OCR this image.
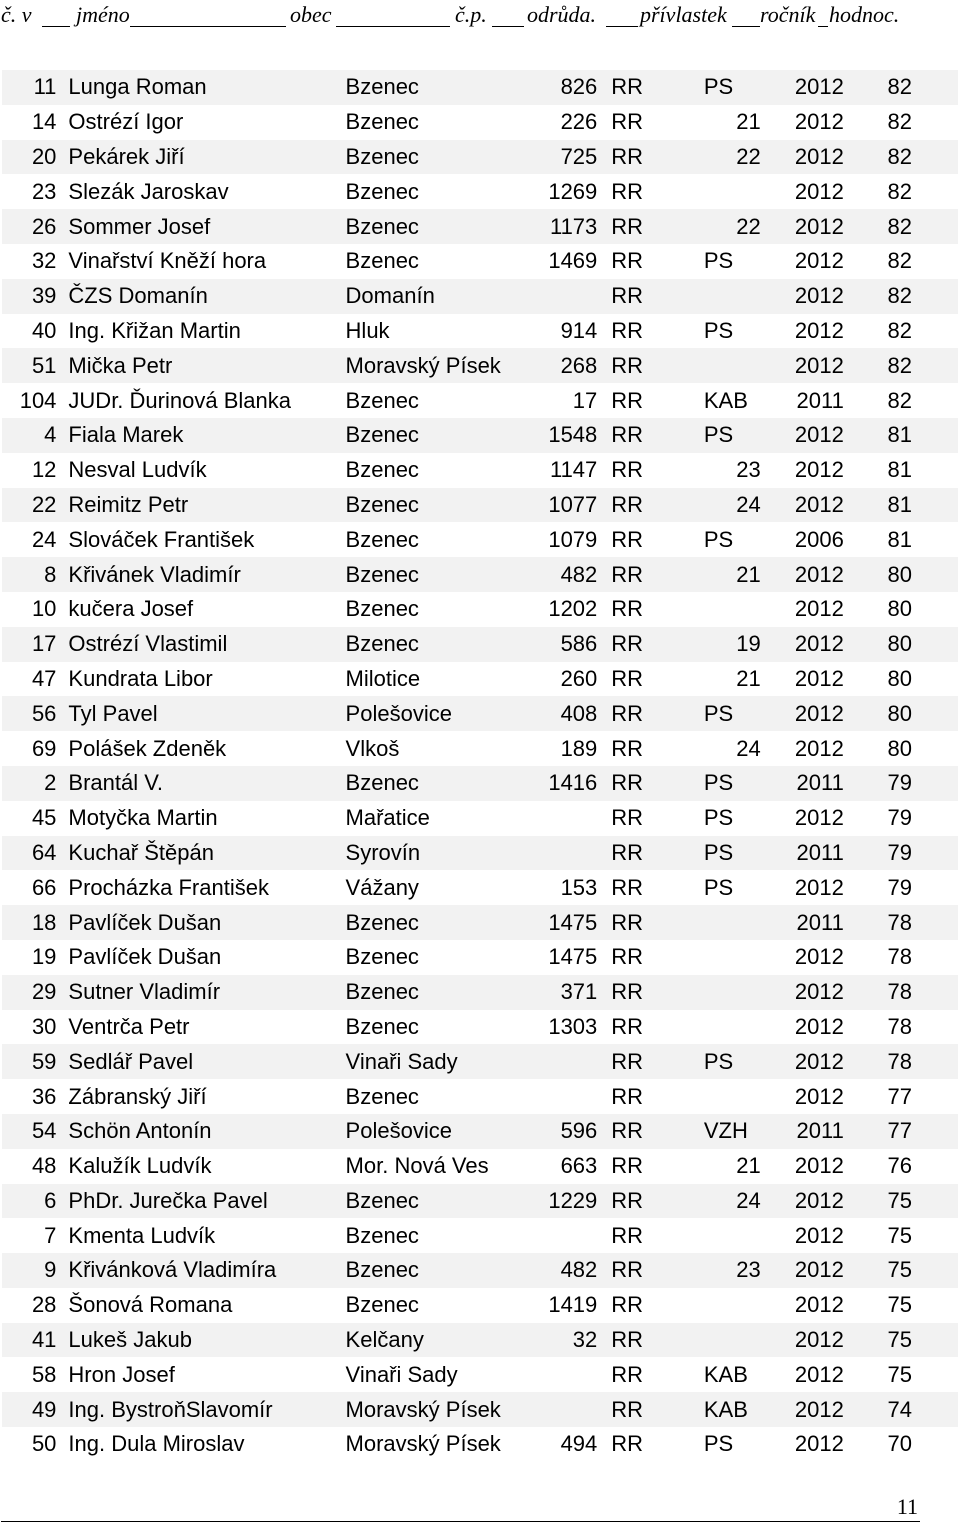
č. v jméno	obec	č.p. odrůda. přívlastek ročník hodnoc.
11	Lunga Roman	Bzenec	826	RR	PS	2012	82
14	Ostrézí Igor	Bzenec	226	RR	21	2012	82
20	Pekárek Jiří	Bzenec	725	RR	22	2012	82
23	Slezák Jaroskav	Bzenec	1269	RR		2012	82
26	Sommer Josef	Bzenec	1173	RR	22	2012	82
32	Vinařství Kněží hora	Bzenec	1469	RR	PS	2012	82
39	ČZS Domanín	Domanín		RR		2012	82
40	Ing. Křižan Martin	Hluk	914	RR	PS	2012	82
51	Mička Petr	Moravský Písek	268	RR		2012	82
104	JUDr. Ďurinová Blanka	Bzenec	17	RR	KAB	2011	82
4	Fiala Marek	Bzenec	1548	RR	PS	2012	81
12	Nesval Ludvík	Bzenec	1147	RR	23	2012	81
22	Reimitz Petr	Bzenec	1077	RR	24	2012	81
24	Slováček František	Bzenec	1079	RR	PS	2006	81
8	Křivánek Vladimír	Bzenec	482	RR	21	2012	80
10	kučera Josef	Bzenec	1202	RR		2012	80
17	Ostrézí Vlastimil	Bzenec	586	RR	19	2012	80
47	Kundrata Libor	Milotice	260	RR	21	2012	80
56	Tyl Pavel	Polešovice	408	RR	PS	2012	80
69	Polášek Zdeněk	Vlkoš	189	RR	24	2012	80
2	Brantál V.	Bzenec	1416	RR	PS	2011	79
45	Motyčka Martin	Mařatice		RR	PS	2012	79
64	Kuchař Štěpán	Syrovín		RR	PS	2011	79
66	Procházka František	Vážany	153	RR	PS	2012	79
18	Pavlíček Dušan	Bzenec	1475	RR		2011	78
19	Pavlíček Dušan	Bzenec	1475	RR		2012	78
29	Sutner Vladimír	Bzenec	371	RR		2012	78
30	Ventrča Petr	Bzenec	1303	RR		2012	78
59	Sedlář Pavel	Vinaři Sady		RR	PS	2012	78
36	Zábranský Jiří	Bzenec		RR		2012	77
54	Schön Antonín	Polešovice	596	RR	VZH	2011	77
48	Kalužík Ludvík	Mor. Nová Ves	663	RR	21	2012	76
6	PhDr. Jurečka Pavel	Bzenec	1229	RR	24	2012	75
7	Kmenta Ludvík	Bzenec		RR		2012	75
9	Křivánková Vladimíra	Bzenec	482	RR	23	2012	75
28	Šonová Romana	Bzenec	1419	RR		2012	75
41	Lukeš Jakub	Kelčany	32	RR		2012	75
58	Hron Josef	Vinaři Sady		RR	KAB	2012	75
49	Ing. BystroňSlavomír	Moravský Písek		RR	KAB	2012	74
50	Ing. Dula Miroslav	Moravský Písek	494	RR	PS	2012	70
11
